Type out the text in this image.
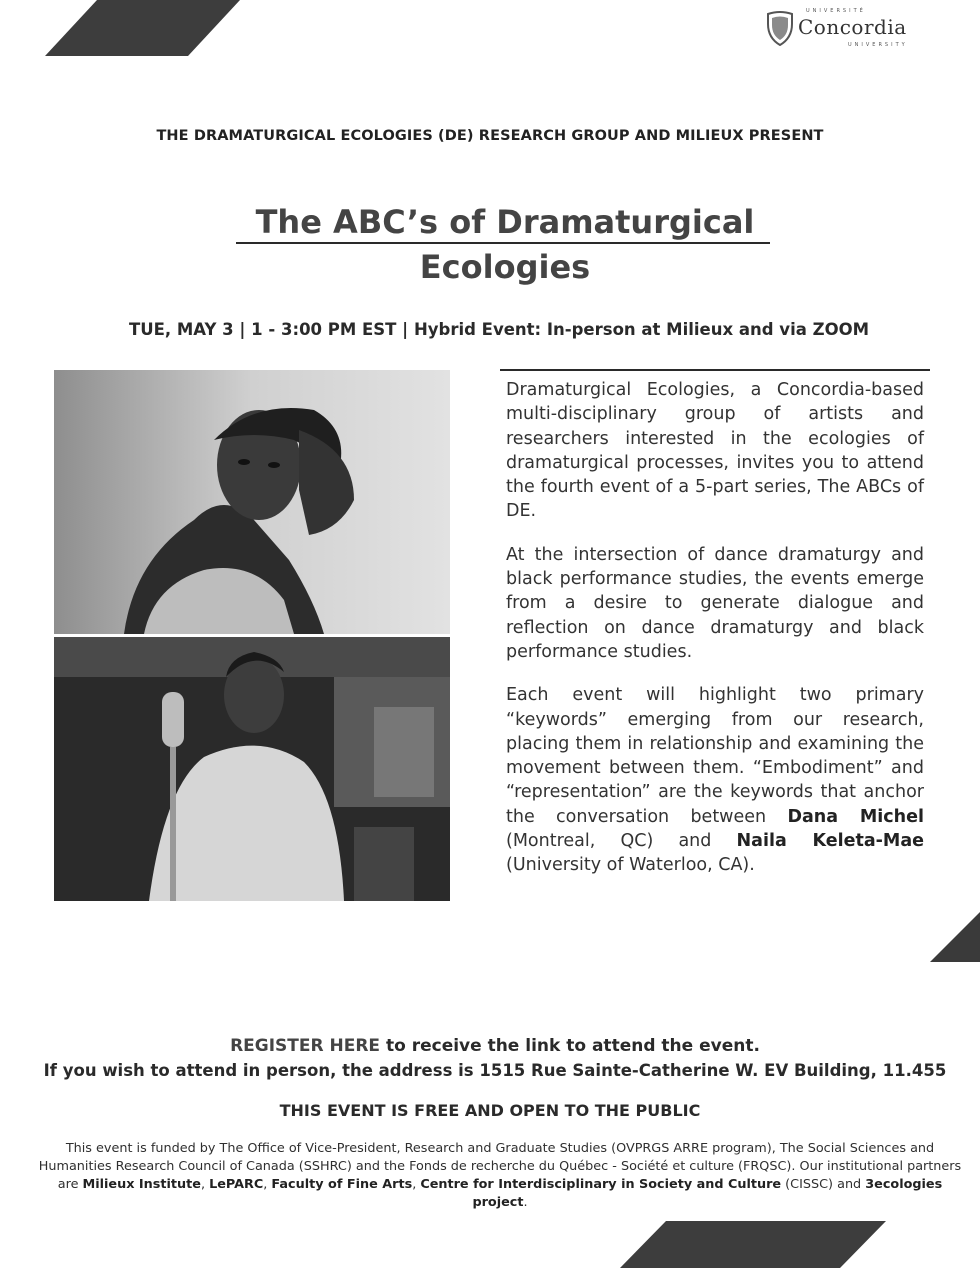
UNIVERSITÉ
Concordia
UNIVERSITY
THE DRAMATURGICAL ECOLOGIES (DE) RESEARCH GROUP AND MILIEUX PRESENT
The ABC’s of Dramaturgical
Ecologies
TUE, MAY 3 | 1 - 3:00 PM EST | Hybrid Event: In-person at Milieux and via ZOOM

Dramaturgical Ecologies, a Concordia-based multi-disciplinary group of artists and researchers interested in the ecologies of dramaturgical processes, invites you to attend the fourth event of a 5-part series, The ABCs of DE.

At the intersection of dance dramaturgy and black performance studies, the events emerge from a desire to generate dialogue and reflection on dance dramaturgy and black performance studies.

Each event will highlight two primary “keywords” emerging from our research, placing them in relationship and examining the movement between them. “Embodiment” and “representation” are the keywords that anchor the conversation between Dana Michel (Montreal, QC) and Naila Keleta-Mae (University of Waterloo, CA).

REGISTER HERE to receive the link to attend the event.
If you wish to attend in person, the address is 1515 Rue Sainte-Catherine W. EV Building, 11.455
THIS EVENT IS FREE AND OPEN TO THE PUBLIC
This event is funded by The Office of Vice-President, Research and Graduate Studies (OVPRGS ARRE program), The Social Sciences and Humanities Research Council of Canada (SSHRC) and the Fonds de recherche du Québec - Société et culture (FRQSC). Our institutional partners are Milieux Institute, LePARC, Faculty of Fine Arts, Centre for Interdisciplinary in Society and Culture (CISSC) and 3ecologies project.
